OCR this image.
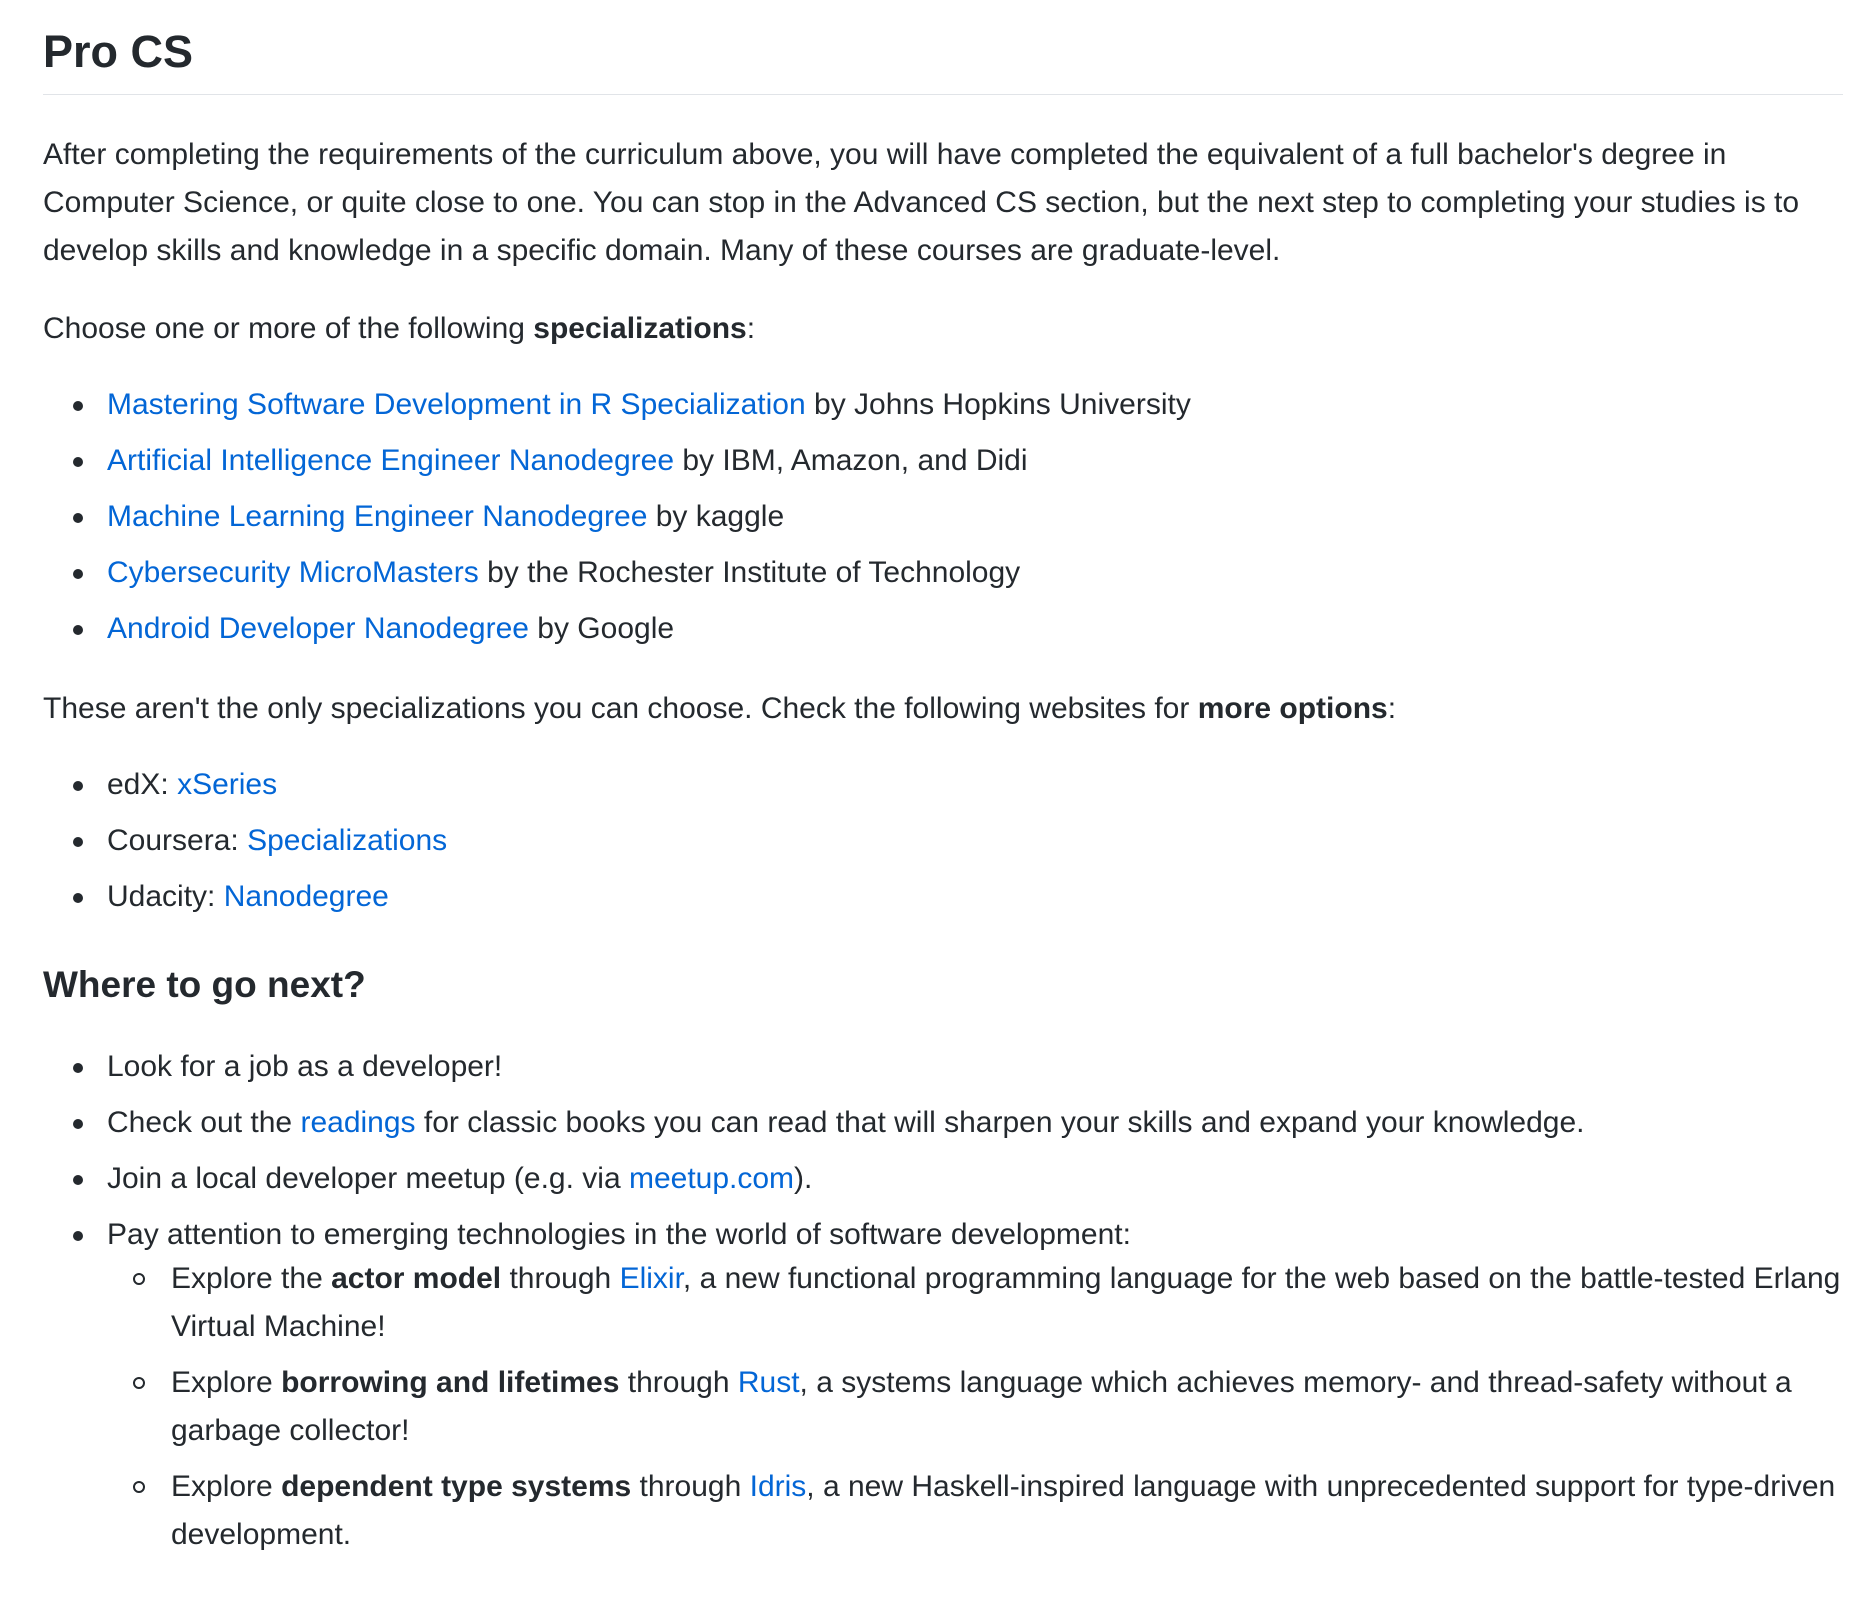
Pro CS

After completing the requirements of the curriculum above, you will have completed the equivalent of a full bachelor's degree in Computer Science, or quite close to one. You can stop in the Advanced CS section, but the next step to completing your studies is to develop skills and knowledge in a specific domain. Many of these courses are graduate-level.

Choose one or more of the following specializations:

Mastering Software Development in R Specialization by Johns Hopkins University
Artificial Intelligence Engineer Nanodegree by IBM, Amazon, and Didi
Machine Learning Engineer Nanodegree by kaggle
Cybersecurity MicroMasters by the Rochester Institute of Technology
Android Developer Nanodegree by Google

These aren't the only specializations you can choose. Check the following websites for more options:

edX: xSeries
Coursera: Specializations
Udacity: Nanodegree
Where to go next?
Look for a job as a developer!
Check out the readings for classic books you can read that will sharpen your skills and expand your knowledge.
Join a local developer meetup (e.g. via meetup.com).
Pay attention to emerging technologies in the world of software development:
Explore the actor model through Elixir, a new functional programming language for the web based on the battle-tested Erlang Virtual Machine!
Explore borrowing and lifetimes through Rust, a systems language which achieves memory- and thread-safety without a garbage collector!
Explore dependent type systems through Idris, a new Haskell-inspired language with unprecedented support for type-driven development.
